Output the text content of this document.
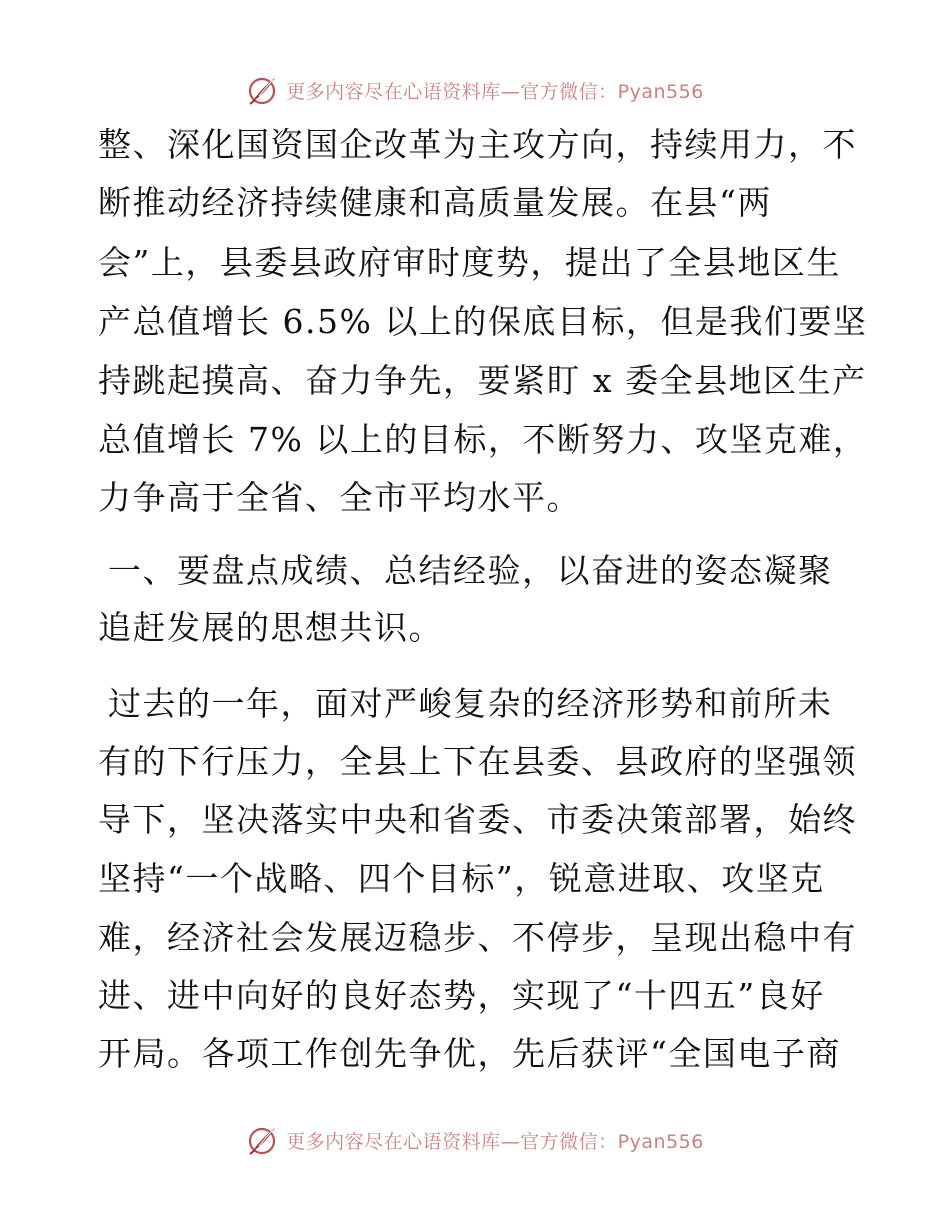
更多内容尽在心语资料库—官方微信：Pyan556
整、深化国资国企改革为主攻方向，持续用力，不
断推动经济持续健康和高质量发展。在县“两
会”上，县委县政府审时度势，提出了全县地区生
产总值增长 6.5% 以上的保底目标，但是我们要坚
持跳起摸高、奋力争先，要紧盯 x 委全县地区生产
总值增长 7% 以上的目标，不断努力、攻坚克难，
力争高于全省、全市平均水平。
一、要盘点成绩、总结经验，以奋进的姿态凝聚
追赶发展的思想共识。
过去的一年，面对严峻复杂的经济形势和前所未
有的下行压力，全县上下在县委、县政府的坚强领
导下，坚决落实中央和省委、市委决策部署，始终
坚持“一个战略、四个目标”，锐意进取、攻坚克
难，经济社会发展迈稳步、不停步，呈现出稳中有
进、进中向好的良好态势，实现了“十四五”良好
开局。各项工作创先争优，先后获评“全国电子商
更多内容尽在心语资料库—官方微信：Pyan556
